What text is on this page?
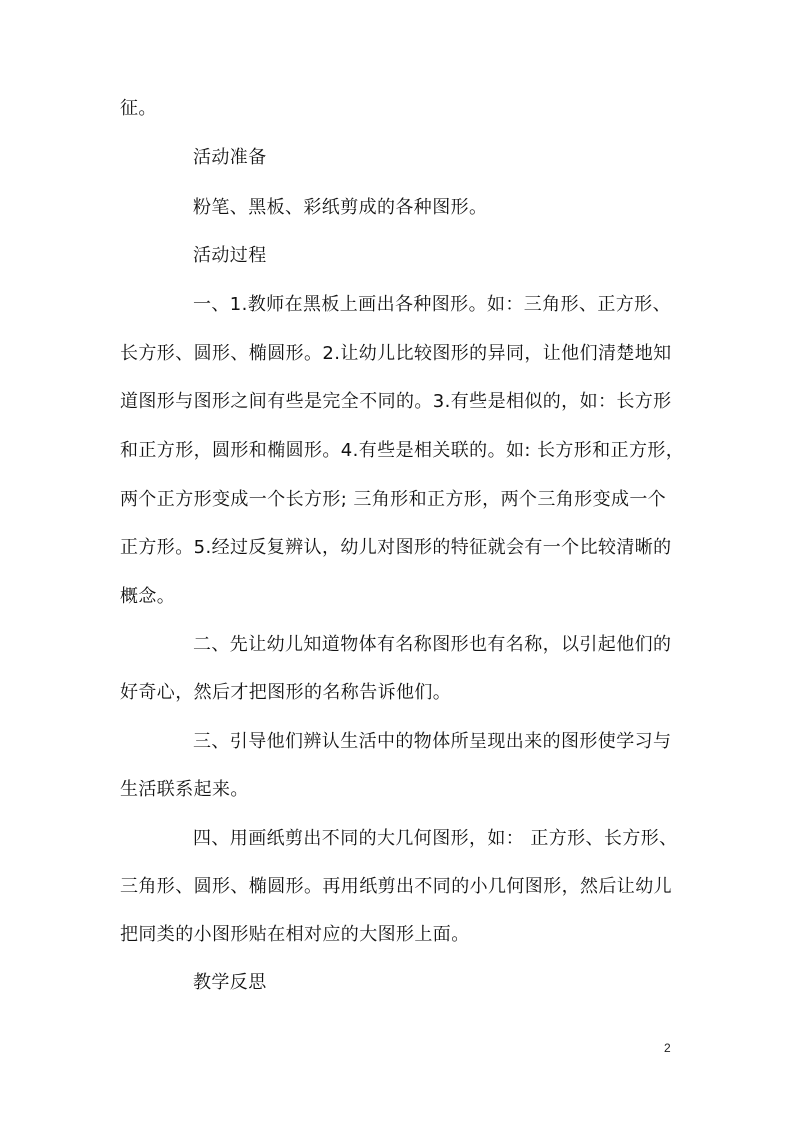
征。
活动准备
粉笔、黑板、彩纸剪成的各种图形。
活动过程
一、1.教师在黑板上画出各种图形。如：三角形、正方形、
长方形、圆形、椭圆形。2.让幼儿比较图形的异同，让他们清楚地知
道图形与图形之间有些是完全不同的。3.有些是相似的，如：长方形
和正方形，圆形和椭圆形。4.有些是相关联的。如: 长方形和正方形，
两个正方形变成一个长方形; 三角形和正方形，两个三角形变成一个
正方形。5.经过反复辨认，幼儿对图形的特征就会有一个比较清晰的
概念。
二、先让幼儿知道物体有名称图形也有名称，以引起他们的
好奇心，然后才把图形的名称告诉他们。
三、引导他们辨认生活中的物体所呈现出来的图形使学习与
生活联系起来。
四、用画纸剪出不同的大几何图形，如： 正方形、长方形、
三角形、圆形、椭圆形。再用纸剪出不同的小几何图形，然后让幼儿
把同类的小图形贴在相对应的大图形上面。
教学反思
2
